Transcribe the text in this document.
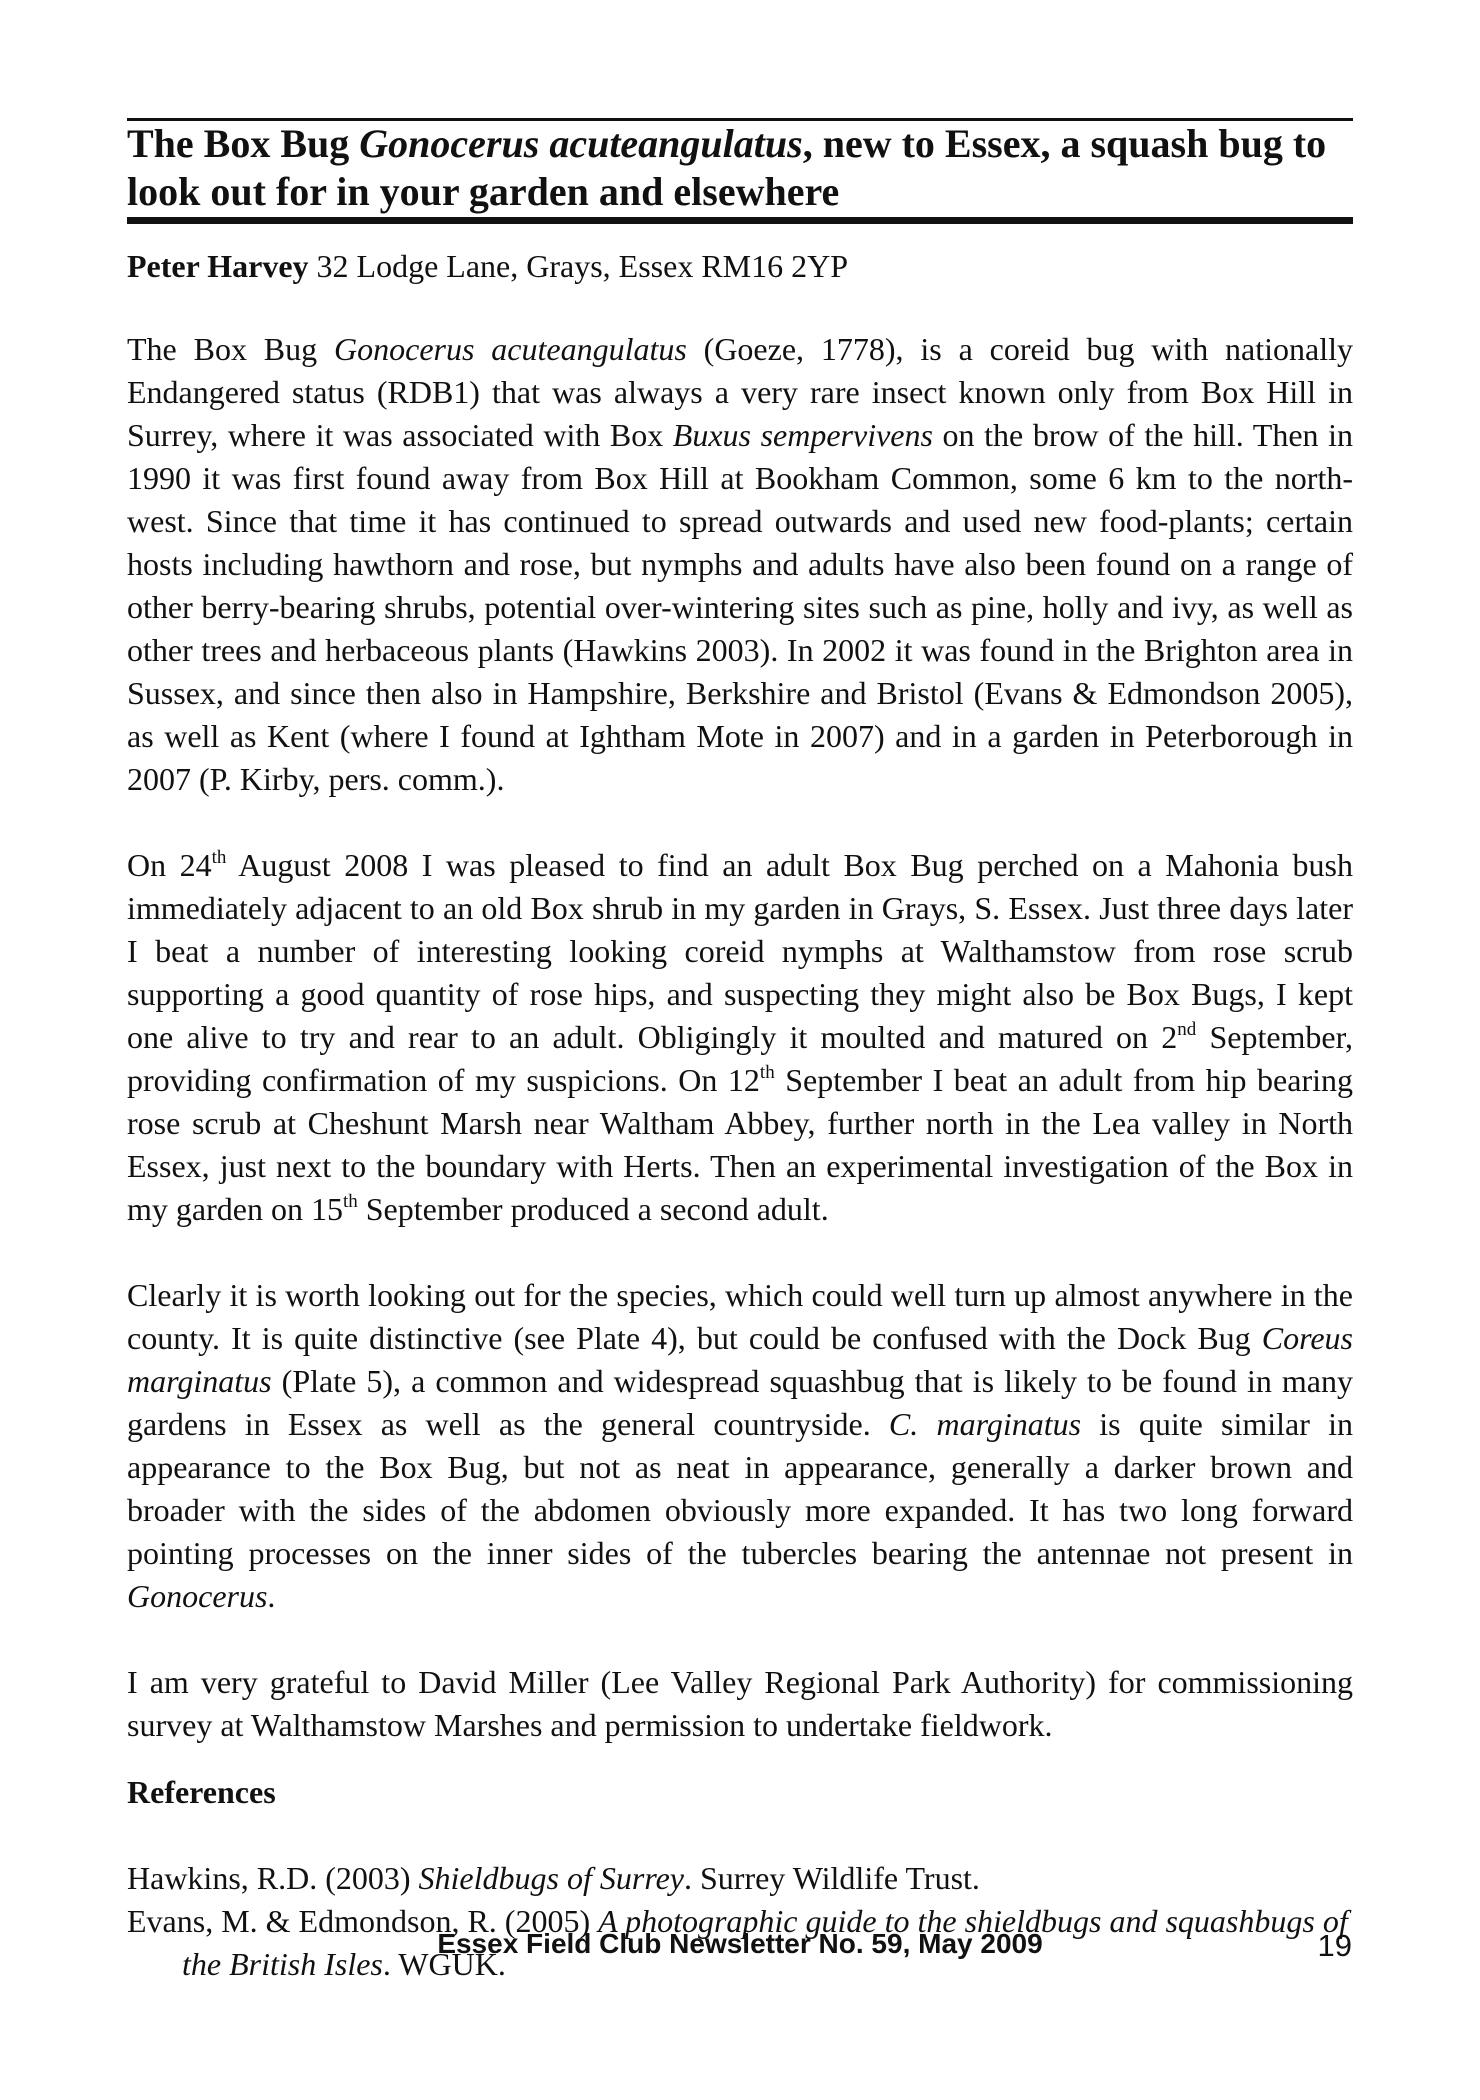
The Box Bug Gonocerus acuteangulatus, new to Essex, a squash bug to look out for in your garden and elsewhere

Peter Harvey 32 Lodge Lane, Grays, Essex RM16 2YP

The Box Bug Gonocerus acuteangulatus (Goeze, 1778), is a coreid bug with nationally Endangered status (RDB1) that was always a very rare insect known only from Box Hill in Surrey, where it was associated with Box Buxus sempervivens on the brow of the hill. Then in 1990 it was first found away from Box Hill at Bookham Common, some 6 km to the north-west. Since that time it has continued to spread outwards and used new food-plants; certain hosts including hawthorn and rose, but nymphs and adults have also been found on a range of other berry-bearing shrubs, potential over-wintering sites such as pine, holly and ivy, as well as other trees and herbaceous plants (Hawkins 2003). In 2002 it was found in the Brighton area in Sussex, and since then also in Hampshire, Berkshire and Bristol (Evans & Edmondson 2005), as well as Kent (where I found at Ightham Mote in 2007) and in a garden in Peterborough in 2007 (P. Kirby, pers. comm.).

On 24th August 2008 I was pleased to find an adult Box Bug perched on a Mahonia bush immediately adjacent to an old Box shrub in my garden in Grays, S. Essex. Just three days later I beat a number of interesting looking coreid nymphs at Walthamstow from rose scrub supporting a good quantity of rose hips, and suspecting they might also be Box Bugs, I kept one alive to try and rear to an adult. Obligingly it moulted and matured on 2nd September, providing confirmation of my suspicions. On 12th September I beat an adult from hip bearing rose scrub at Cheshunt Marsh near Waltham Abbey, further north in the Lea valley in North Essex, just next to the boundary with Herts. Then an experimental investigation of the Box in my garden on 15th September produced a second adult.

Clearly it is worth looking out for the species, which could well turn up almost anywhere in the county. It is quite distinctive (see Plate 4), but could be confused with the Dock Bug Coreus marginatus (Plate 5), a common and widespread squashbug that is likely to be found in many gardens in Essex as well as the general countryside. C. marginatus is quite similar in appearance to the Box Bug, but not as neat in appearance, generally a darker brown and broader with the sides of the abdomen obviously more expanded. It has two long forward pointing processes on the inner sides of the tubercles bearing the antennae not present in Gonocerus.

I am very grateful to David Miller (Lee Valley Regional Park Authority) for commissioning survey at Walthamstow Marshes and permission to undertake fieldwork.

References

Hawkins, R.D. (2003) Shieldbugs of Surrey. Surrey Wildlife Trust.

Evans, M. & Edmondson, R. (2005) A photographic guide to the shieldbugs and squashbugs of the British Isles. WGUK.

Essex Field Club Newsletter No. 59, May 2009	19
